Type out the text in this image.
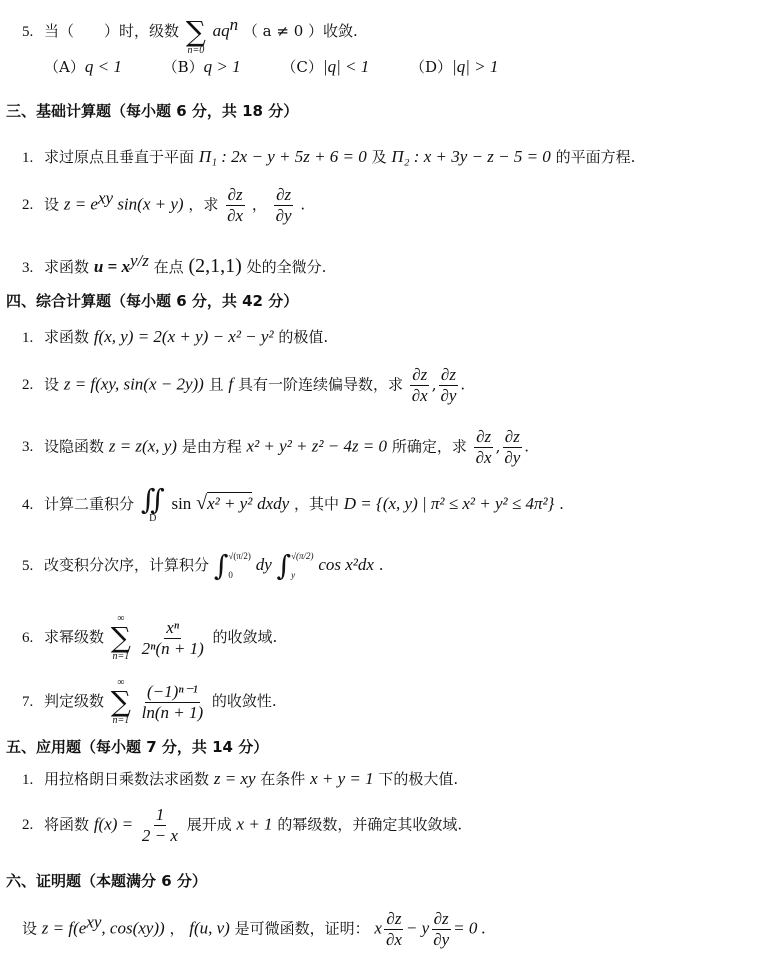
5. 当（　　）时，级数 ∑
n=0
$aq^n$ （ a ≠ 0 ）收敛.
（A）q < 1	（B）q > 1	（C）|q| < 1	（D）|q| > 1
三、基础计算题（每小题 6 分，共 18 分）
1. 求过原点且垂直于平面 Π₁ : 2x − y + 5z + 6 = 0 及 Π₂ : x + 3y − z − 5 = 0 的平面方程.
2. 设 $z = e^{xy}$ sin(x + y) ，求 $\frac{\partial z}{\partial x}$ ， $\frac{\partial z}{\partial y}$ .
3. 求函数 $u = x^{y/z}$ 在点 (2,1,1) 处的全微分.
四、综合计算题（每小题 6 分，共 42 分）
1. 求函数 f(x, y) = 2(x + y) − x² − y² 的极值.
2. 设 z = f(xy, sin(x − 2y)) 且 f 具有一阶连续偏导数，求 $\frac{\partial z}{\partial x}$ , $\frac{\partial z}{\partial y}$ .
3. 设隐函数 z = z(x, y) 是由方程 x² + y² + z² − 4z = 0 所确定，求 $\frac{\partial z}{\partial x}$ , $\frac{\partial z}{\partial y}$ .
4. 计算二重积分 ∬
D
sin √x² + y² dxdy ，其中 D = {(x, y) | π² ≤ x² + y² ≤ 4π²} .
5. 改变积分次序，计算积分 ∫ √(π/2)
0
dy ∫ √(π/2)
y
cos x²dx .
6. 求幂级数
∞
∑
n=1
$\frac{\text{xⁿ}}{\text{2ⁿ(n + 1)}}$ 的收敛域.
7. 判定级数
∞
∑
n=1
$\frac{\text{(−1)ⁿ⁻¹}}{\ln(n + 1)}$ 的收敛性.
五、应用题（每小题 7 分，共 14 分）
1. 用拉格朗日乘数法求函数 z = xy 在条件 x + y = 1 下的极大值.
2. 将函数 $f(x) = \frac{1}{2 - x}$ 展开成 x + 1 的幂级数，并确定其收敛域.
六、证明题（本题满分 6 分）
设 $z = f(e^{xy}$, cos(xy)) ， f(u, v) 是可微函数，证明： x $\frac{\partial z}{\partial x} - y \frac{\partial z}{\partial y} = 0$ .
